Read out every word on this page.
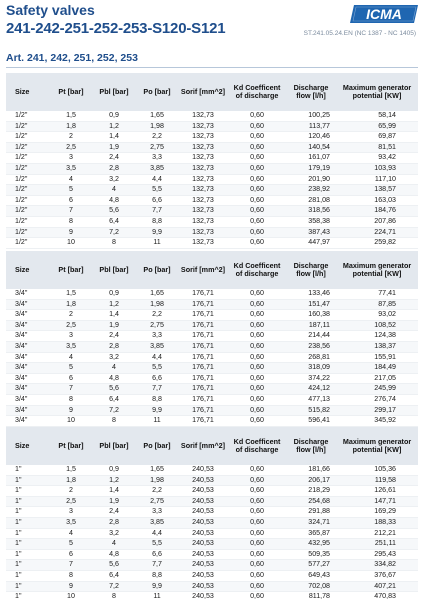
Safety valves
241-242-251-252-253-S120-S121
ICMA
ST.241.05.24.EN (NC 1387 - NC 1405)
Art. 241, 242, 251, 252, 253
Size	Pt [bar]	Pbl [bar]	Po [bar]	Sorif [mm^2]	Kd Coefficent of discharge	Discharge flow [l/h]	Maximum generator potential [KW]
1/2"	1,5	0,9	1,65	132,73	0,60	100,25	58,14
1/2"	1,8	1,2	1,98	132,73	0,60	113,77	65,99
1/2"	2	1,4	2,2	132,73	0,60	120,46	69,87
1/2"	2,5	1,9	2,75	132,73	0,60	140,54	81,51
1/2"	3	2,4	3,3	132,73	0,60	161,07	93,42
1/2"	3,5	2,8	3,85	132,73	0,60	179,19	103,93
1/2"	4	3,2	4,4	132,73	0,60	201,90	117,10
1/2"	5	4	5,5	132,73	0,60	238,92	138,57
1/2"	6	4,8	6,6	132,73	0,60	281,08	163,03
1/2"	7	5,6	7,7	132,73	0,60	318,56	184,76
1/2"	8	6,4	8,8	132,73	0,60	358,38	207,86
1/2"	9	7,2	9,9	132,73	0,60	387,43	224,71
1/2"	10	8	11	132,73	0,60	447,97	259,82
Size	Pt [bar]	Pbl [bar]	Po [bar]	Sorif [mm^2]	Kd Coefficent of discharge	Discharge flow [l/h]	Maximum generator potential [KW]
3/4"	1,5	0,9	1,65	176,71	0,60	133,46	77,41
3/4"	1,8	1,2	1,98	176,71	0,60	151,47	87,85
3/4"	2	1,4	2,2	176,71	0,60	160,38	93,02
3/4"	2,5	1,9	2,75	176,71	0,60	187,11	108,52
3/4"	3	2,4	3,3	176,71	0,60	214,44	124,38
3/4"	3,5	2,8	3,85	176,71	0,60	238,56	138,37
3/4"	4	3,2	4,4	176,71	0,60	268,81	155,91
3/4"	5	4	5,5	176,71	0,60	318,09	184,49
3/4"	6	4,8	6,6	176,71	0,60	374,22	217,05
3/4"	7	5,6	7,7	176,71	0,60	424,12	245,99
3/4"	8	6,4	8,8	176,71	0,60	477,13	276,74
3/4"	9	7,2	9,9	176,71	0,60	515,82	299,17
3/4"	10	8	11	176,71	0,60	596,41	345,92
Size	Pt [bar]	Pbl [bar]	Po [bar]	Sorif [mm^2]	Kd Coefficent of discharge	Discharge flow [l/h]	Maximum generator potential [KW]
1"	1,5	0,9	1,65	240,53	0,60	181,66	105,36
1"	1,8	1,2	1,98	240,53	0,60	206,17	119,58
1"	2	1,4	2,2	240,53	0,60	218,29	126,61
1"	2,5	1,9	2,75	240,53	0,60	254,68	147,71
1"	3	2,4	3,3	240,53	0,60	291,88	169,29
1"	3,5	2,8	3,85	240,53	0,60	324,71	188,33
1"	4	3,2	4,4	240,53	0,60	365,87	212,21
1"	5	4	5,5	240,53	0,60	432,95	251,11
1"	6	4,8	6,6	240,53	0,60	509,35	295,43
1"	7	5,6	7,7	240,53	0,60	577,27	334,82
1"	8	6,4	8,8	240,53	0,60	649,43	376,67
1"	9	7,2	9,9	240,53	0,60	702,08	407,21
1"	10	8	11	240,53	0,60	811,78	470,83
